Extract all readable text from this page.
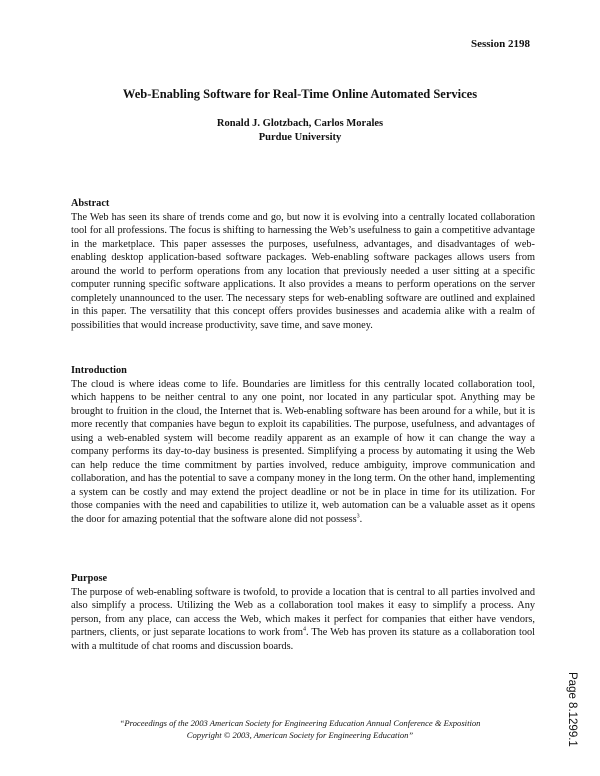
Session 2198
Web-Enabling Software for Real-Time Online Automated Services
Ronald J. Glotzbach, Carlos Morales
Purdue University
Abstract

The Web has seen its share of trends come and go, but now it is evolving into a centrally located collaboration tool for all professions. The focus is shifting to harnessing the Web’s usefulness to gain a competitive advantage in the marketplace. This paper assesses the purposes, usefulness, advantages, and disadvantages of web-enabling desktop application-based software packages. Web-enabling software packages allows users from around the world to perform operations from any location that previously needed a user sitting at a specific computer running specific software applications. It also provides a means to perform operations on the server completely unannounced to the user. The necessary steps for web-enabling software are outlined and explained in this paper. The versatility that this concept offers provides businesses and academia alike with a realm of possibilities that would increase productivity, save time, and save money.

Introduction

The cloud is where ideas come to life. Boundaries are limitless for this centrally located collaboration tool, which happens to be neither central to any one point, nor located in any particular spot. Anything may be brought to fruition in the cloud, the Internet that is. Web-enabling software has been around for a while, but it is more recently that companies have begun to exploit its capabilities. The purpose, usefulness, and advantages of using a web-enabled system will become readily apparent as an example of how it can change the way a company performs its day-to-day business is presented. Simplifying a process by automating it using the Web can help reduce the time commitment by parties involved, reduce ambiguity, improve communication and collaboration, and has the potential to save a company money in the long term. On the other hand, implementing a system can be costly and may extend the project deadline or not be in place in time for its utilization. For those companies with the need and capabilities to utilize it, web automation can be a valuable asset as it opens the door for amazing potential that the software alone did not possess$^3$.

Purpose

The purpose of web-enabling software is twofold, to provide a location that is central to all parties involved and also simplify a process. Utilizing the Web as a collaboration tool makes it easy to simplify a process. Any person, from any place, can access the Web, which makes it perfect for companies that either have vendors, partners, clients, or just separate locations to work from$^4$. The Web has proven its stature as a collaboration tool with a multitude of chat rooms and discussion boards.

“Proceedings of the 2003 American Society for Engineering Education Annual Conference & Exposition
Copyright © 2003, American Society for Engineering Education”	Page 8.1299.1
